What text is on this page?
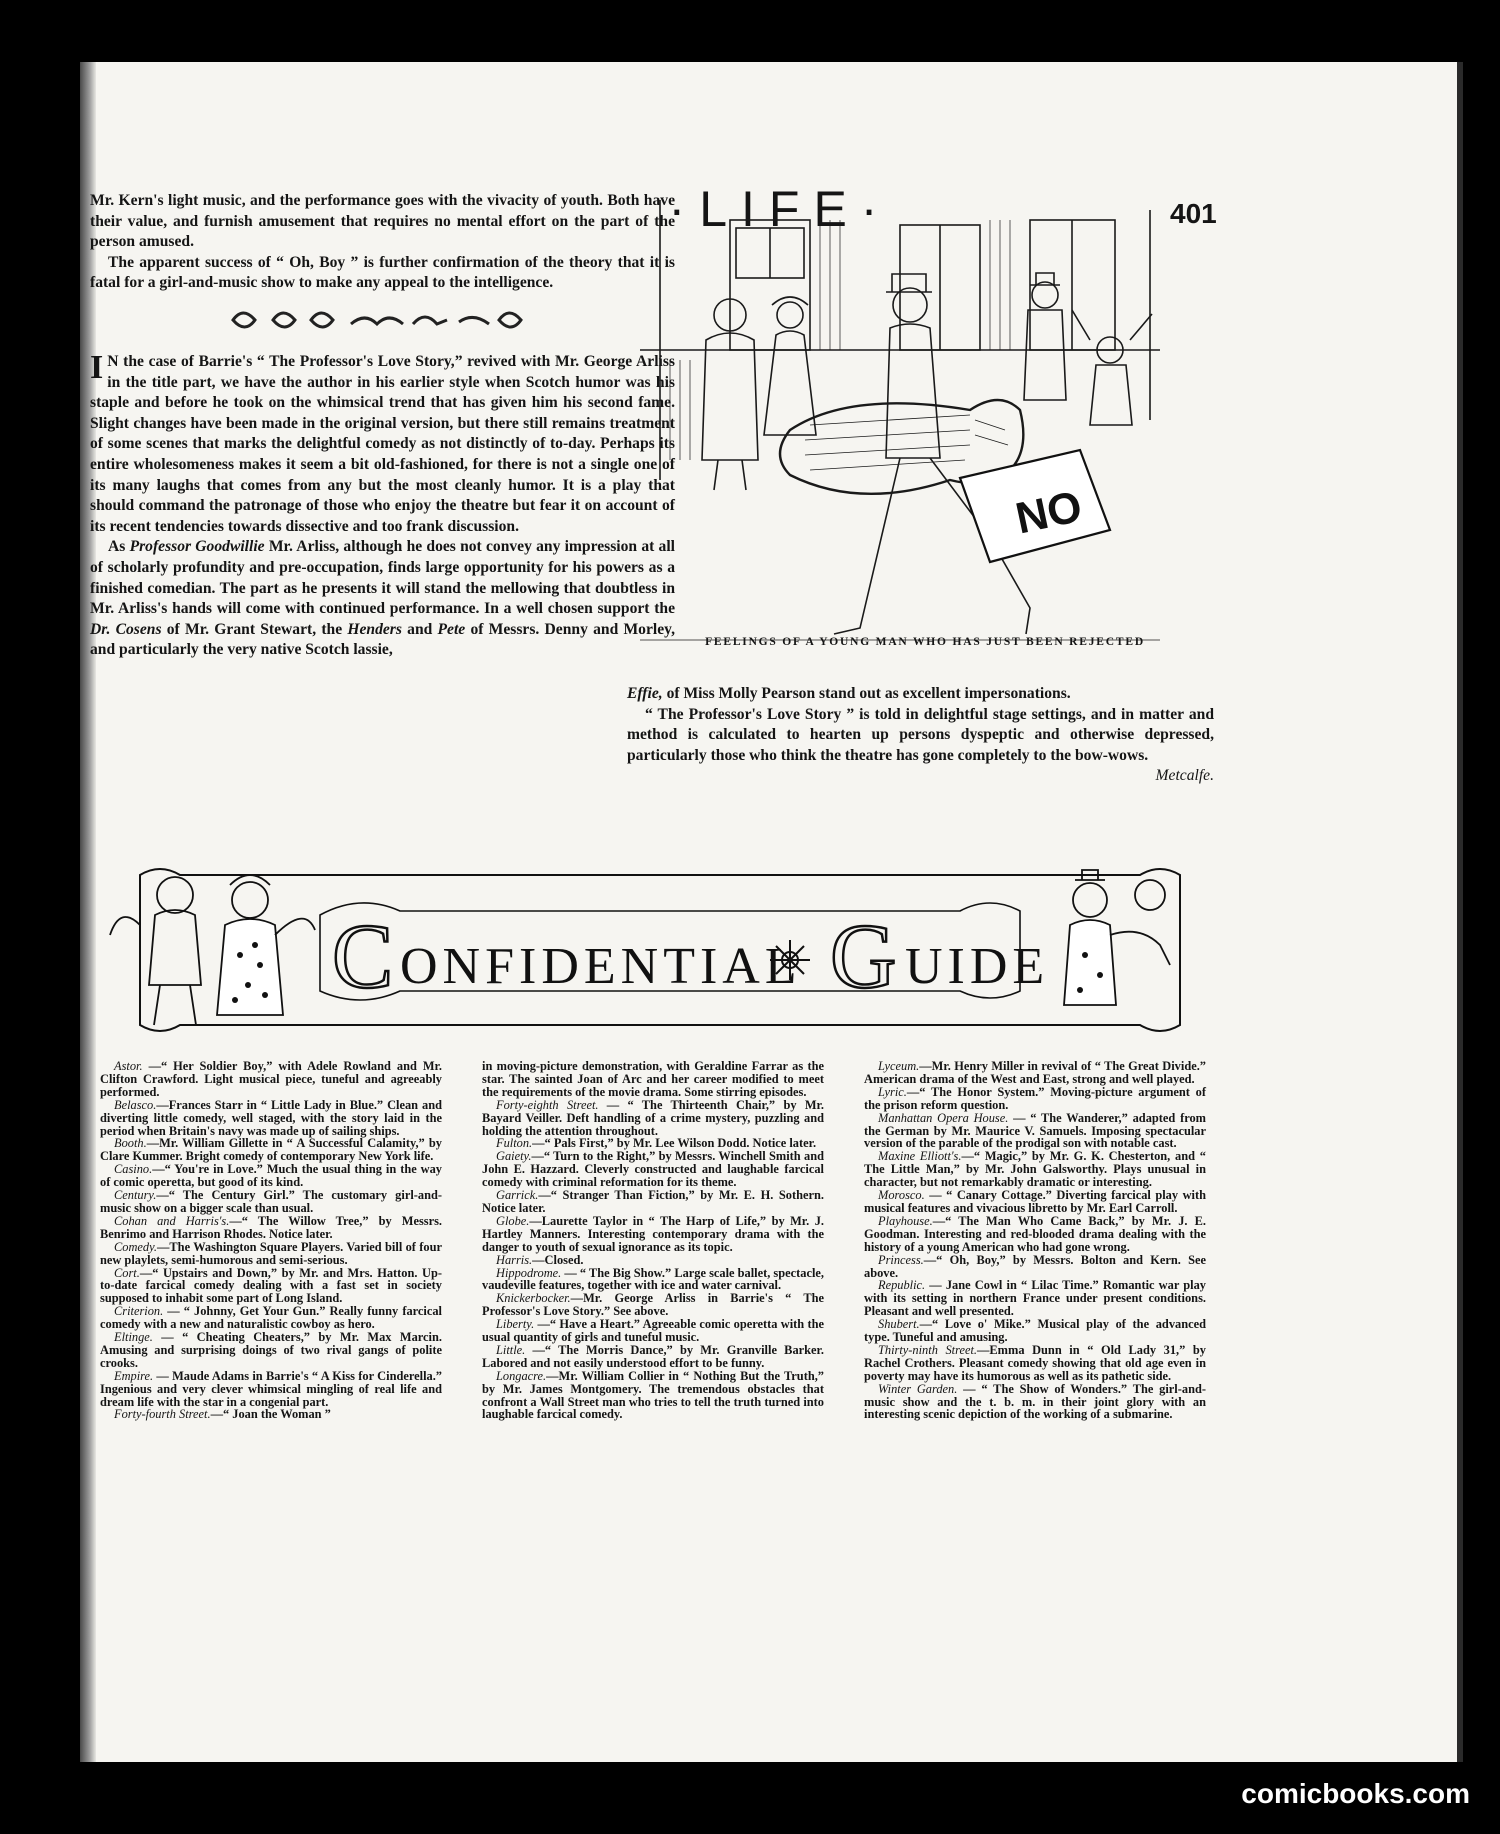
·LIFE·	401

Mr. Kern's light music, and the performance goes with the vivacity of youth. Both have their value, and furnish amusement that requires no mental effort on the part of the person amused.

The apparent success of “ Oh, Boy ” is further confirmation of the theory that it is fatal for a girl-and-music show to make any appeal to the intelligence.

I N the case of Barrie's “ The Professor's Love Story,” revived with Mr. George Arliss in the title part, we have the author in his earlier style when Scotch humor was his staple and before he took on the whimsical trend that has given him his second fame. Slight changes have been made in the original version, but there still remains treatment of some scenes that marks the delightful comedy as not distinctly of to-day. Perhaps its entire wholesomeness makes it seem a bit old-fashioned, for there is not a single one of its many laughs that comes from any but the most cleanly humor. It is a play that should command the patronage of those who enjoy the theatre but fear it on account of its recent tendencies towards dissective and too frank discussion.

As Professor Goodwillie Mr. Arliss, although he does not convey any impression at all of scholarly profundity and pre-occupation, finds large opportunity for his powers as a finished comedian. The part as he presents it will stand the mellowing that doubtless in Mr. Arliss's hands will come with continued performance. In a well chosen support the Dr. Cosens of Mr. Grant Stewart, the Henders and Pete of Messrs. Denny and Morley, and particularly the very native Scotch lassie,

NO
FEELINGS OF A YOUNG MAN WHO HAS JUST BEEN REJECTED

Effie, of Miss Molly Pearson stand out as excellent impersonations.

“ The Professor's Love Story ” is told in delightful stage settings, and in matter and method is calculated to hearten up persons dyspeptic and otherwise depressed, particularly those who think the theatre has gone completely to the bow-wows.

Metcalfe.

C ONFIDENTIAL G UIDE

Astor. —“ Her Soldier Boy,” with Adele Rowland and Mr. Clifton Crawford. Light musical piece, tuneful and agreeably performed.

Belasco.—Frances Starr in “ Little Lady in Blue.” Clean and diverting little comedy, well staged, with the story laid in the period when Britain's navy was made up of sailing ships.

Booth.—Mr. William Gillette in “ A Successful Calamity,” by Clare Kummer. Bright comedy of contemporary New York life.

Casino.—“ You're in Love.” Much the usual thing in the way of comic operetta, but good of its kind.

Century.—“ The Century Girl.” The customary girl-and-music show on a bigger scale than usual.

Cohan and Harris's.—“ The Willow Tree,” by Messrs. Benrimo and Harrison Rhodes. Notice later.

Comedy.—The Washington Square Players. Varied bill of four new playlets, semi-humorous and semi-serious.

Cort.—“ Upstairs and Down,” by Mr. and Mrs. Hatton. Up-to-date farcical comedy dealing with a fast set in society supposed to inhabit some part of Long Island.

Criterion. — “ Johnny, Get Your Gun.” Really funny farcical comedy with a new and naturalistic cowboy as hero.

Eltinge. — “ Cheating Cheaters,” by Mr. Max Marcin. Amusing and surprising doings of two rival gangs of polite crooks.

Empire. — Maude Adams in Barrie's “ A Kiss for Cinderella.” Ingenious and very clever whimsical mingling of real life and dream life with the star in a congenial part.

Forty-fourth Street.—“ Joan the Woman ”

in moving-picture demonstration, with Geraldine Farrar as the star. The sainted Joan of Arc and her career modified to meet the requirements of the movie drama. Some stirring episodes.

Forty-eighth Street. — “ The Thirteenth Chair,” by Mr. Bayard Veiller. Deft handling of a crime mystery, puzzling and holding the attention throughout.

Fulton.—“ Pals First,” by Mr. Lee Wilson Dodd. Notice later.

Gaiety.—“ Turn to the Right,” by Messrs. Winchell Smith and John E. Hazzard. Cleverly constructed and laughable farcical comedy with criminal reformation for its theme.

Garrick.—“ Stranger Than Fiction,” by Mr. E. H. Sothern. Notice later.

Globe.—Laurette Taylor in “ The Harp of Life,” by Mr. J. Hartley Manners. Interesting contemporary drama with the danger to youth of sexual ignorance as its topic.

Harris.—Closed.

Hippodrome. — “ The Big Show.” Large scale ballet, spectacle, vaudeville features, together with ice and water carnival.

Knickerbocker.—Mr. George Arliss in Barrie's “ The Professor's Love Story.” See above.

Liberty. —“ Have a Heart.” Agreeable comic operetta with the usual quantity of girls and tuneful music.

Little. —“ The Morris Dance,” by Mr. Granville Barker. Labored and not easily understood effort to be funny.

Longacre.—Mr. William Collier in “ Nothing But the Truth,” by Mr. James Montgomery. The tremendous obstacles that confront a Wall Street man who tries to tell the truth turned into laughable farcical comedy.

Lyceum.—Mr. Henry Miller in revival of “ The Great Divide.” American drama of the West and East, strong and well played.

Lyric.—“ The Honor System.” Moving-picture argument of the prison reform question.

Manhattan Opera House. — “ The Wanderer,” adapted from the German by Mr. Maurice V. Samuels. Imposing spectacular version of the parable of the prodigal son with notable cast.

Maxine Elliott's.—“ Magic,” by Mr. G. K. Chesterton, and “ The Little Man,” by Mr. John Galsworthy. Plays unusual in character, but not remarkably dramatic or interesting.

Morosco. — “ Canary Cottage.” Diverting farcical play with musical features and vivacious libretto by Mr. Earl Carroll.

Playhouse.—“ The Man Who Came Back,” by Mr. J. E. Goodman. Interesting and red-blooded drama dealing with the history of a young American who had gone wrong.

Princess.—“ Oh, Boy,” by Messrs. Bolton and Kern. See above.

Republic. — Jane Cowl in “ Lilac Time.” Romantic war play with its setting in northern France under present conditions. Pleasant and well presented.

Shubert.—“ Love o' Mike.” Musical play of the advanced type. Tuneful and amusing.

Thirty-ninth Street.—Emma Dunn in “ Old Lady 31,” by Rachel Crothers. Pleasant comedy showing that old age even in poverty may have its humorous as well as its pathetic side.

Winter Garden. — “ The Show of Wonders.” The girl-and-music show and the t. b. m. in their joint glory with an interesting scenic depiction of the working of a submarine.

comicbooks.com
